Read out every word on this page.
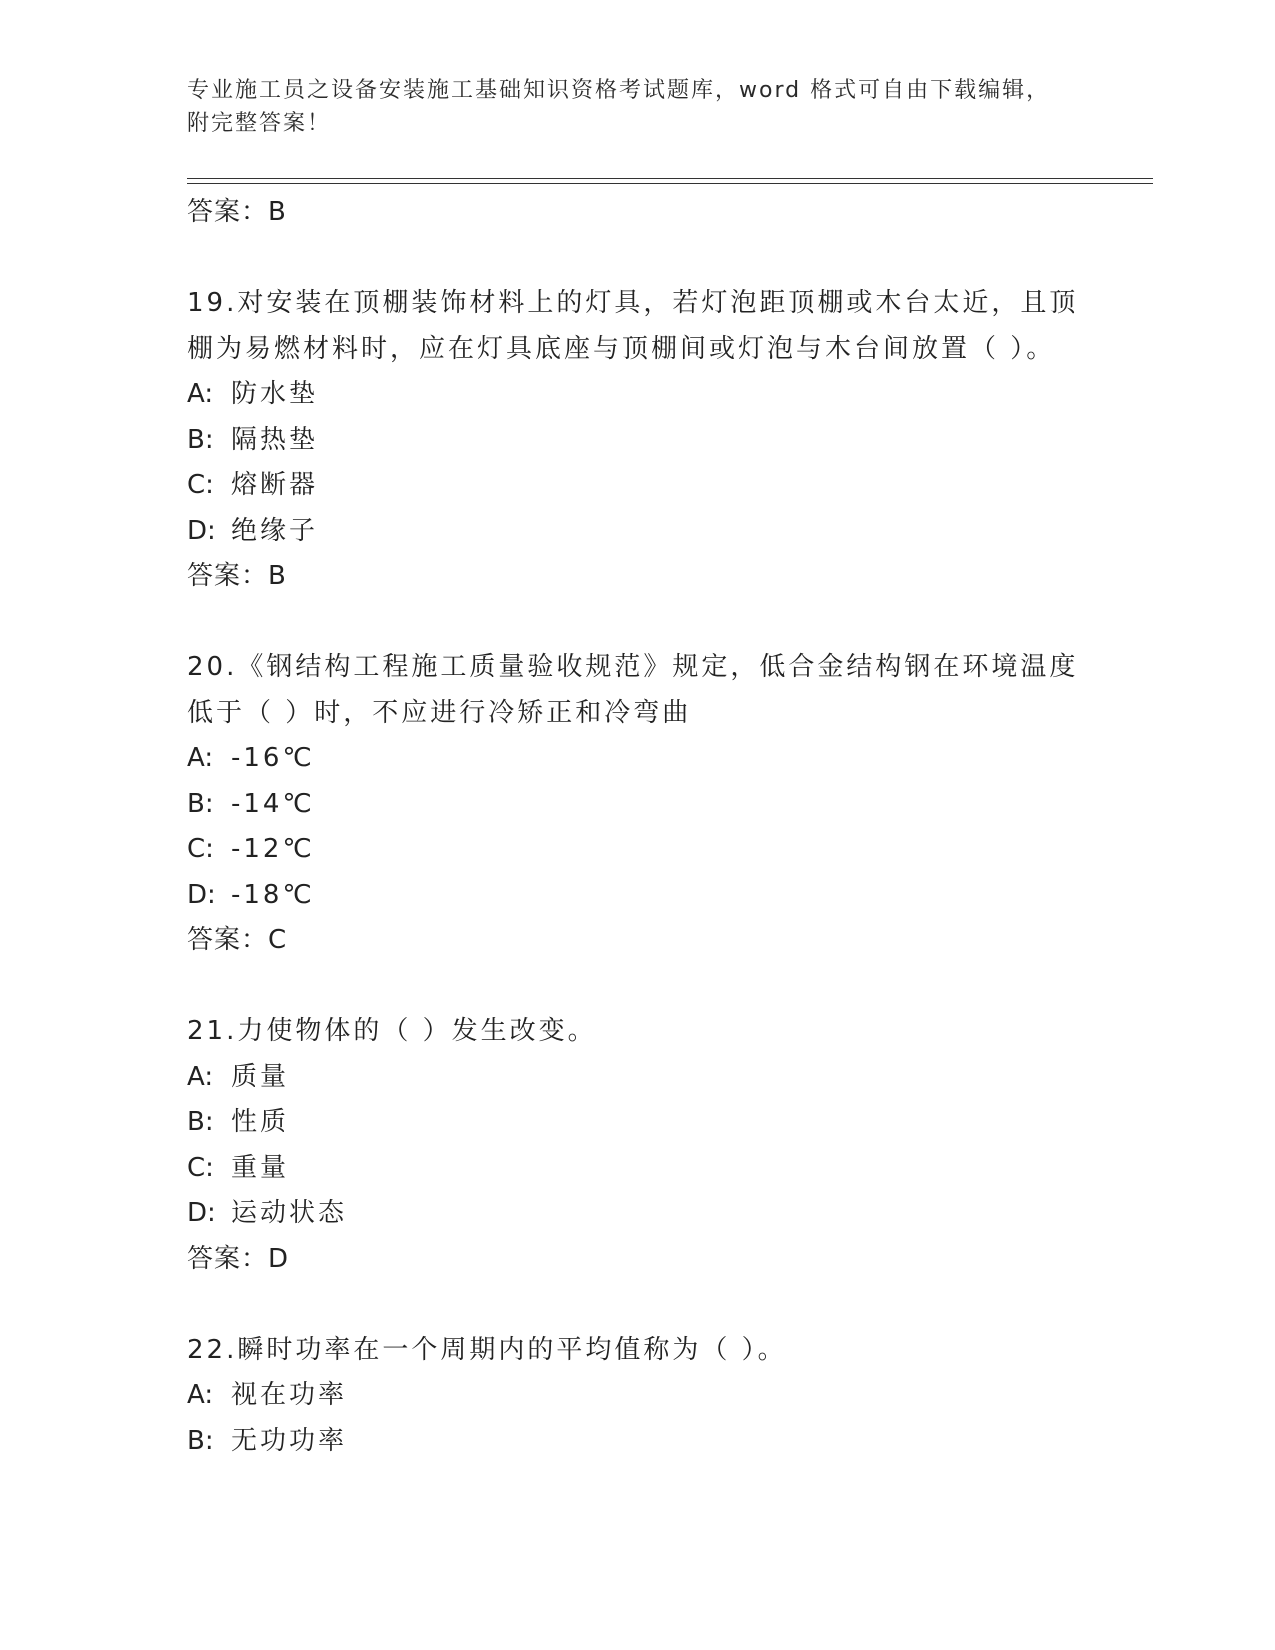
专业施工员之设备安装施工基础知识资格考试题库，word 格式可自由下载编辑，
附完整答案！
答案：B
19.对安装在顶棚装饰材料上的灯具，若灯泡距顶棚或木台太近，且顶
棚为易燃材料时，应在灯具底座与顶棚间或灯泡与木台间放置（ ）。
A: 防水垫
B: 隔热垫
C: 熔断器
D: 绝缘子
答案：B
20.《钢结构工程施工质量验收规范》规定，低合金结构钢在环境温度
低于（ ）时，不应进行冷矫正和冷弯曲
A: -16℃
B: -14℃
C: -12℃
D: -18℃
答案：C
21.力使物体的（ ）发生改变。
A: 质量
B: 性质
C: 重量
D: 运动状态
答案：D
22.瞬时功率在一个周期内的平均值称为（ ）。
A: 视在功率
B: 无功功率
